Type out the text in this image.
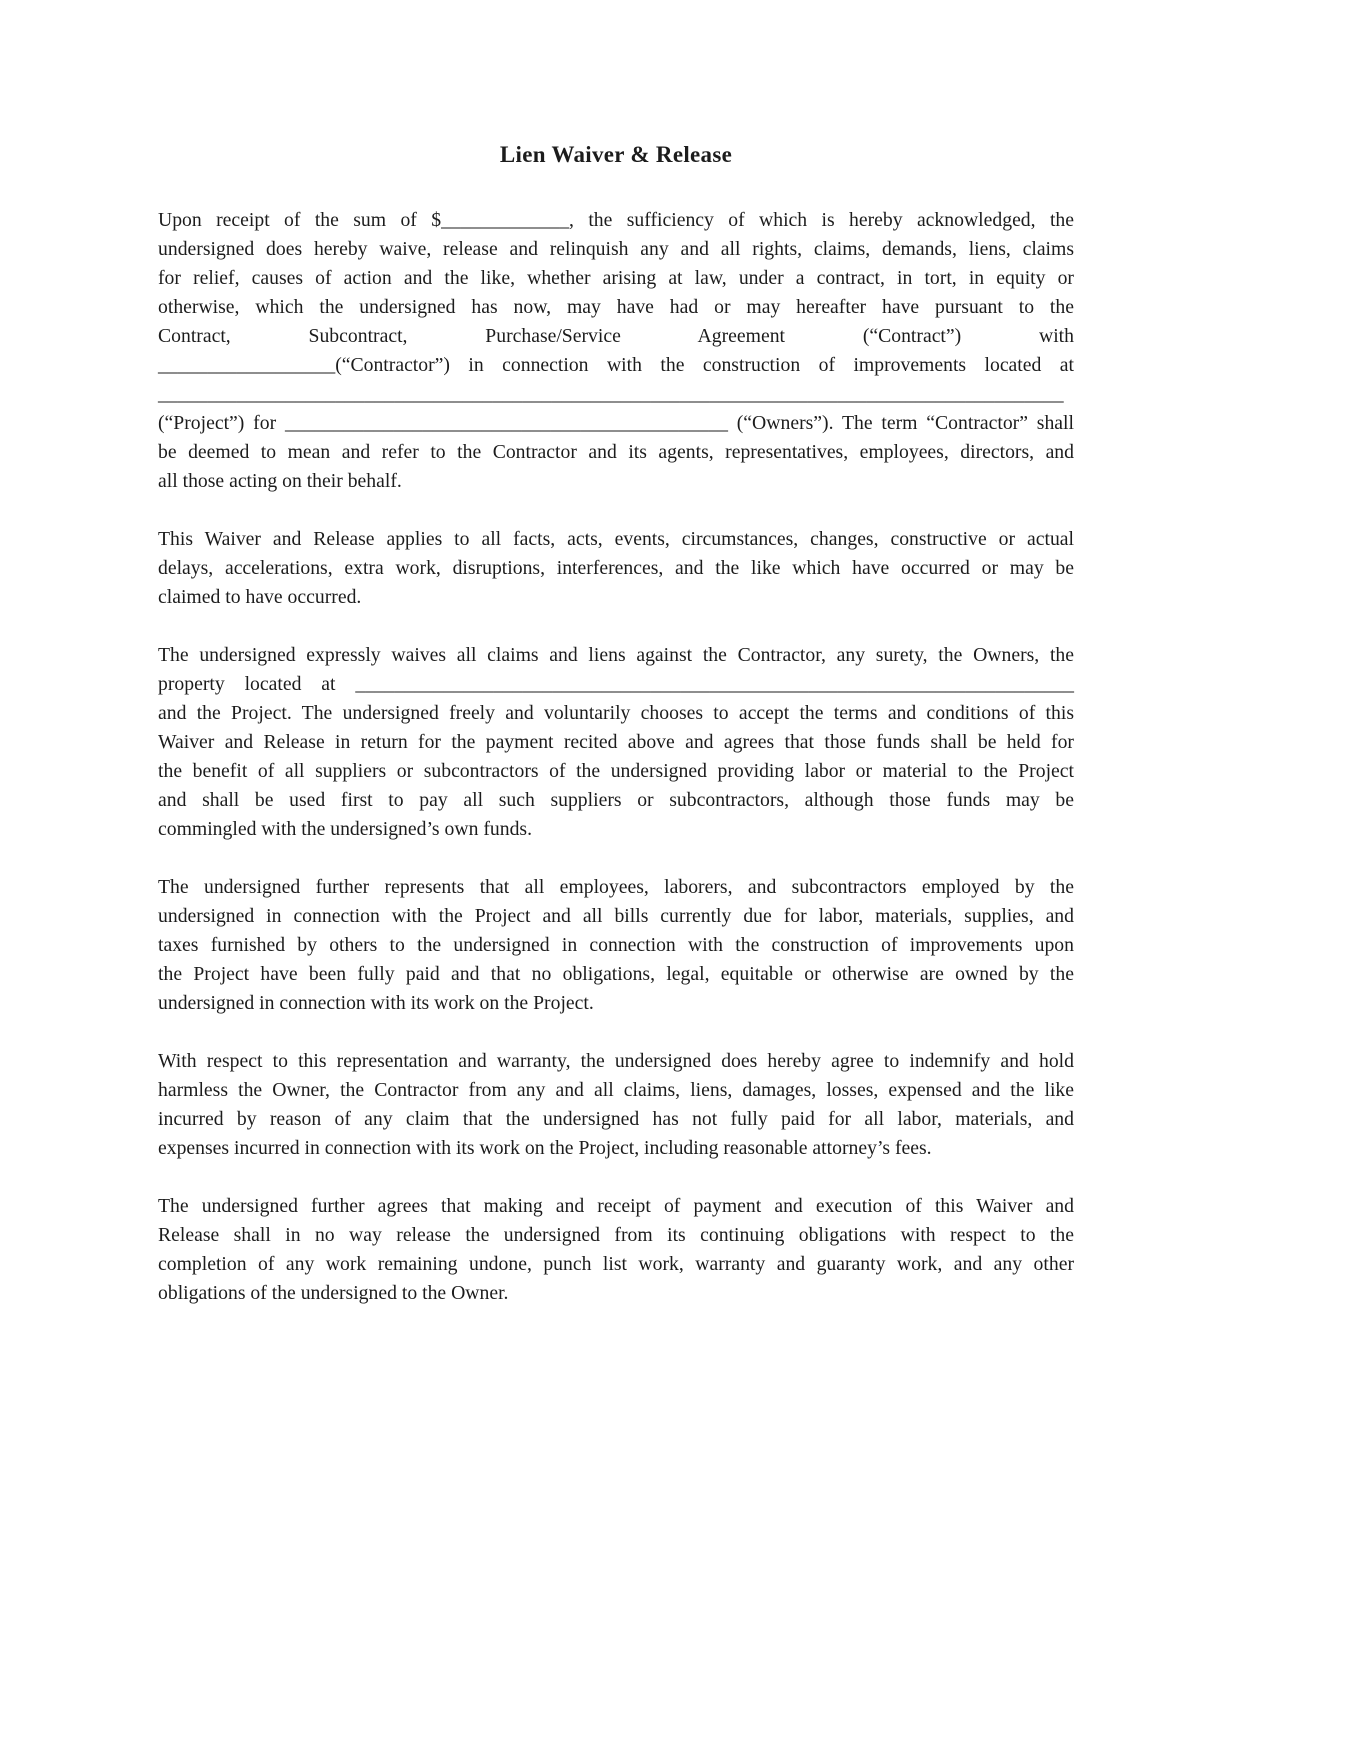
Lien Waiver & Release
Upon receipt of the sum of $_____________, the sufficiency of which is hereby acknowledged, the
undersigned does hereby waive, release and relinquish any and all rights, claims, demands, liens, claims
for relief, causes of action and the like, whether arising at law, under a contract, in tort, in equity or
otherwise, which the undersigned has now, may have had or may hereafter have pursuant to the
Contract, Subcontract, Purchase/Service Agreement (“Contract”) with
__________________(“Contractor”) in connection with the construction of improvements located at
____________________________________________________________________________________________
(“Project”) for _____________________________________________ (“Owners”). The term “Contractor” shall
be deemed to mean and refer to the Contractor and its agents, representatives, employees, directors, and
all those acting on their behalf.
This Waiver and Release applies to all facts, acts, events, circumstances, changes, constructive or actual
delays, accelerations, extra work, disruptions, interferences, and the like which have occurred or may be
claimed to have occurred.
The undersigned expressly waives all claims and liens against the Contractor, any surety, the Owners, the
property located at _________________________________________________________________________
and the Project. The undersigned freely and voluntarily chooses to accept the terms and conditions of this
Waiver and Release in return for the payment recited above and agrees that those funds shall be held for
the benefit of all suppliers or subcontractors of the undersigned providing labor or material to the Project
and shall be used first to pay all such suppliers or subcontractors, although those funds may be
commingled with the undersigned’s own funds.
The undersigned further represents that all employees, laborers, and subcontractors employed by the
undersigned in connection with the Project and all bills currently due for labor, materials, supplies, and
taxes furnished by others to the undersigned in connection with the construction of improvements upon
the Project have been fully paid and that no obligations, legal, equitable or otherwise are owned by the
undersigned in connection with its work on the Project.
With respect to this representation and warranty, the undersigned does hereby agree to indemnify and hold
harmless the Owner, the Contractor from any and all claims, liens, damages, losses, expensed and the like
incurred by reason of any claim that the undersigned has not fully paid for all labor, materials, and
expenses incurred in connection with its work on the Project, including reasonable attorney’s fees.
The undersigned further agrees that making and receipt of payment and execution of this Waiver and
Release shall in no way release the undersigned from its continuing obligations with respect to the
completion of any work remaining undone, punch list work, warranty and guaranty work, and any other
obligations of the undersigned to the Owner.
